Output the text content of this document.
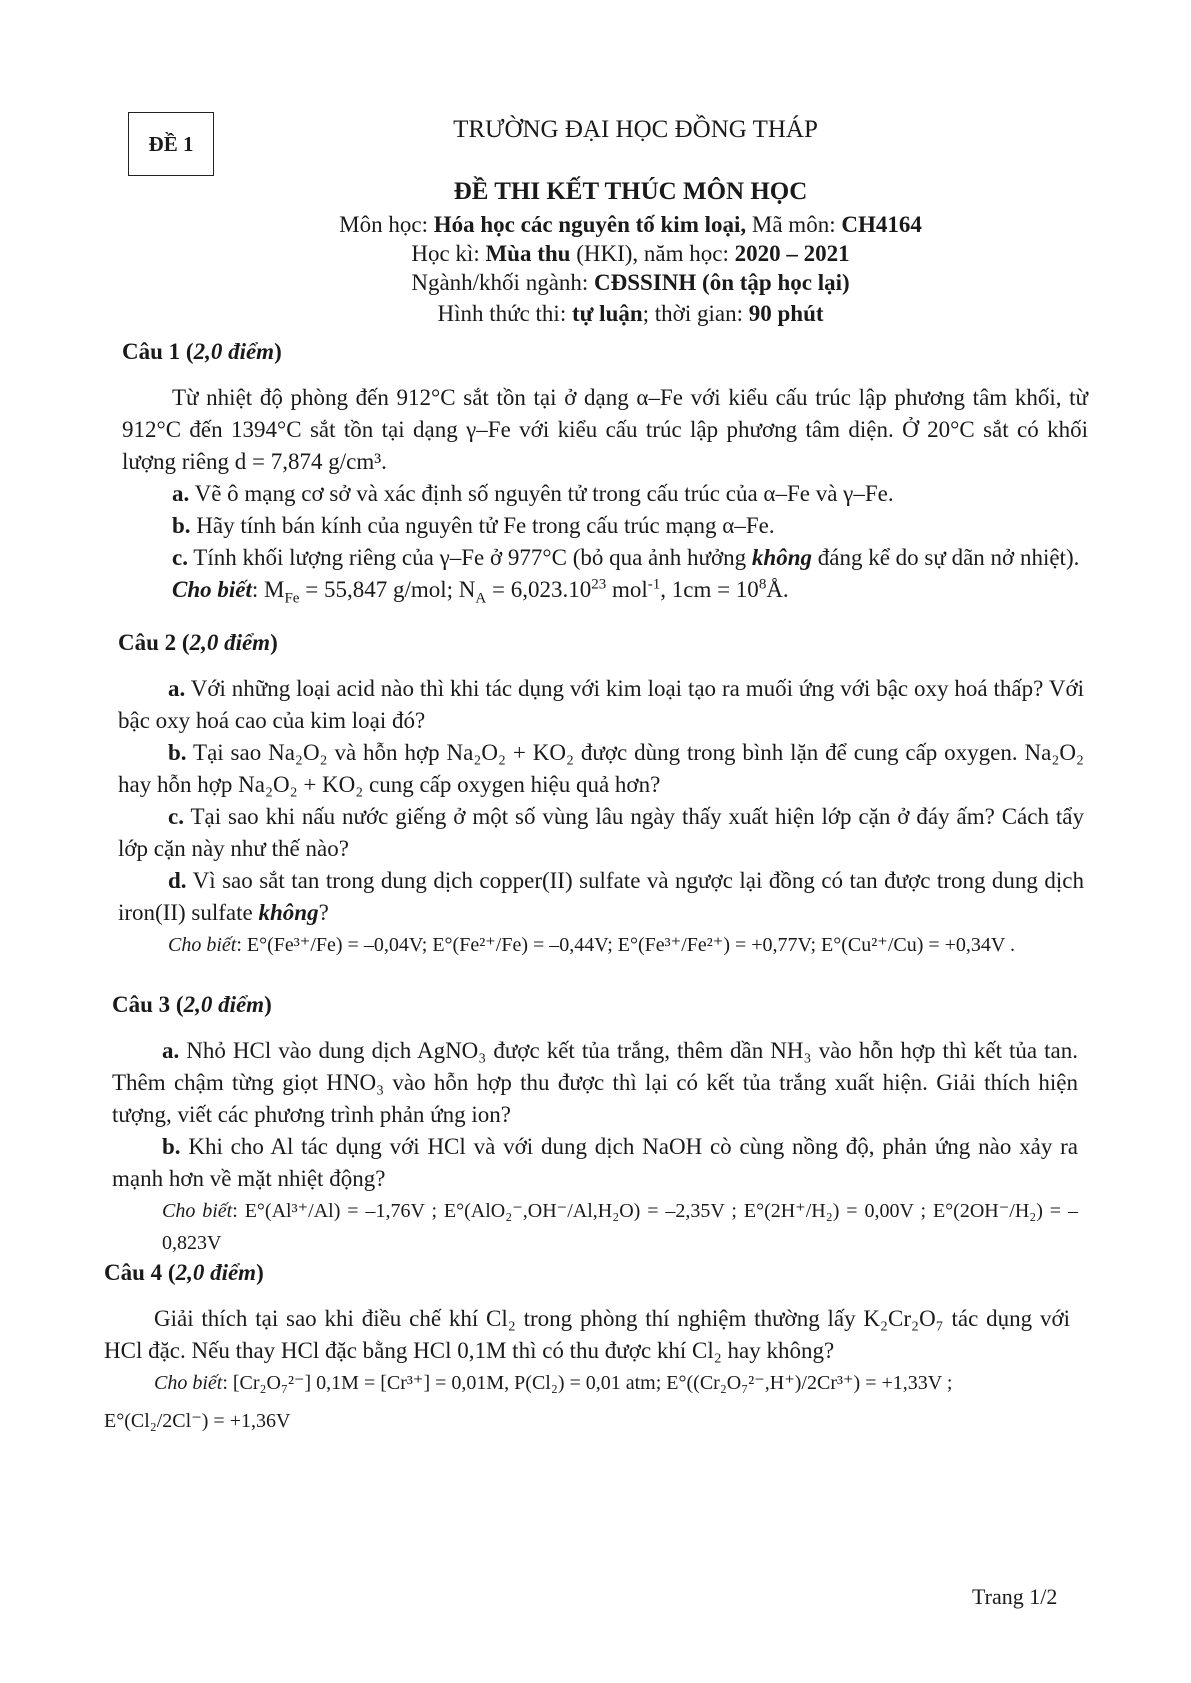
ĐỀ 1
TRƯỜNG ĐẠI HỌC ĐỒNG THÁP
ĐỀ THI KẾT THÚC MÔN HỌC
Môn học: Hóa học các nguyên tố kim loại, Mã môn: CH4164
Học kì: Mùa thu (HKI), năm học: 2020 – 2021
Ngành/khối ngành: CĐSSINH (ôn tập học lại)
Hình thức thi: tự luận; thời gian: 90 phút

Câu 1 (2,0 điểm)

Từ nhiệt độ phòng đến 912°C sắt tồn tại ở dạng α–Fe với kiểu cấu trúc lập phương tâm khối, từ 912°C đến 1394°C sắt tồn tại dạng γ–Fe với kiểu cấu trúc lập phương tâm diện. Ở 20°C sắt có khối lượng riêng d = 7,874 g/cm³.

a. Vẽ ô mạng cơ sở và xác định số nguyên tử trong cấu trúc của α–Fe và γ–Fe.

b. Hãy tính bán kính của nguyên tử Fe trong cấu trúc mạng α–Fe.

c. Tính khối lượng riêng của γ–Fe ở 977°C (bỏ qua ảnh hưởng không đáng kể do sự dãn nở nhiệt).

Cho biết: $M_{Fe} = 55,847$ g/mol; $N_A = 6,023.10^{23}$ mol$^{-1}$, $1cm = 10^8Å$.

Câu 2 (2,0 điểm)

a. Với những loại acid nào thì khi tác dụng với kim loại tạo ra muối ứng với bậc oxy hoá thấp? Với bậc oxy hoá cao của kim loại đó?

b. Tại sao Na₂O₂ và hỗn hợp Na₂O₂ + KO₂ được dùng trong bình lặn để cung cấp oxygen. Na₂O₂ hay hỗn hợp Na₂O₂ + KO₂ cung cấp oxygen hiệu quả hơn?

c. Tại sao khi nấu nước giếng ở một số vùng lâu ngày thấy xuất hiện lớp cặn ở đáy ấm? Cách tẩy lớp cặn này như thế nào?

d. Vì sao sắt tan trong dung dịch copper(II) sulfate và ngược lại đồng có tan được trong dung dịch iron(II) sulfate không?

Cho biết: E°(Fe³⁺/Fe) = –0,04V; E°(Fe²⁺/Fe) = –0,44V; E°(Fe³⁺/Fe²⁺) = +0,77V; E°(Cu²⁺/Cu) = +0,34V .

Câu 3 (2,0 điểm)

a. Nhỏ HCl vào dung dịch AgNO₃ được kết tủa trắng, thêm dần NH₃ vào hỗn hợp thì kết tủa tan. Thêm chậm từng giọt HNO₃ vào hỗn hợp thu được thì lại có kết tủa trắng xuất hiện. Giải thích hiện tượng, viết các phương trình phản ứng ion?

b. Khi cho Al tác dụng với HCl và với dung dịch NaOH cò cùng nồng độ, phản ứng nào xảy ra mạnh hơn về mặt nhiệt động?

Cho biết: E°(Al³⁺/Al) = –1,76V ; E°(AlO₂⁻,OH⁻/Al,H₂O) = –2,35V ; E°(2H⁺/H₂) = 0,00V ; E°(2OH⁻/H₂) = –0,823V

Câu 4 (2,0 điểm)

Giải thích tại sao khi điều chế khí Cl₂ trong phòng thí nghiệm thường lấy K₂Cr₂O₇ tác dụng với HCl đặc. Nếu thay HCl đặc bằng HCl 0,1M thì có thu được khí Cl₂ hay không?

Cho biết: [Cr₂O₇²⁻] 0,1M = [Cr³⁺] = 0,01M, P(Cl₂) = 0,01 atm; E°((Cr₂O₇²⁻,H⁺)/2Cr³⁺) = +1,33V ;

E°(Cl₂/2Cl⁻) = +1,36V

Trang 1/2
